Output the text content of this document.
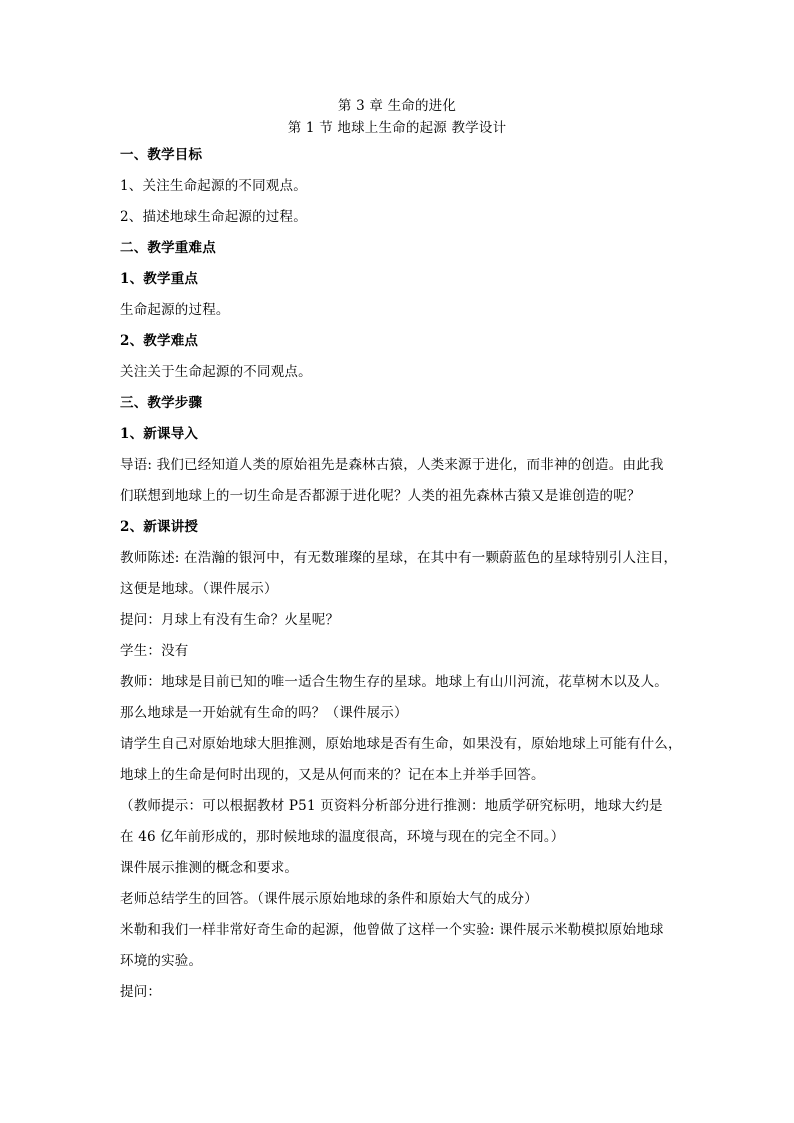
第 3 章 生命的进化
第 1 节 地球上生命的起源 教学设计
一、教学目标
1、关注生命起源的不同观点。
2、描述地球生命起源的过程。
二、教学重难点
1、教学重点
生命起源的过程。
2、教学难点
关注关于生命起源的不同观点。
三、教学步骤
1、新课导入
导语: 我们已经知道人类的原始祖先是森林古猿，人类来源于进化，而非神的创造。由此我
们联想到地球上的一切生命是否都源于进化呢？人类的祖先森林古猿又是谁创造的呢？
2、新课讲授
教师陈述: 在浩瀚的银河中，有无数璀璨的星球，在其中有一颗蔚蓝色的星球特别引人注目，
这便是地球。（课件展示）
提问：月球上有没有生命？火星呢？
学生：没有
教师：地球是目前已知的唯一适合生物生存的星球。地球上有山川河流，花草树木以及人。
那么地球是一开始就有生命的吗？（课件展示）
请学生自己对原始地球大胆推测，原始地球是否有生命，如果没有，原始地球上可能有什么，
地球上的生命是何时出现的，又是从何而来的？记在本上并举手回答。
（教师提示：可以根据教材 P51 页资料分析部分进行推测：地质学研究标明，地球大约是
在 46 亿年前形成的，那时候地球的温度很高，环境与现在的完全不同。）
课件展示推测的概念和要求。
老师总结学生的回答。（课件展示原始地球的条件和原始大气的成分）
米勒和我们一样非常好奇生命的起源，他曾做了这样一个实验: 课件展示米勒模拟原始地球
环境的实验。
提问：
